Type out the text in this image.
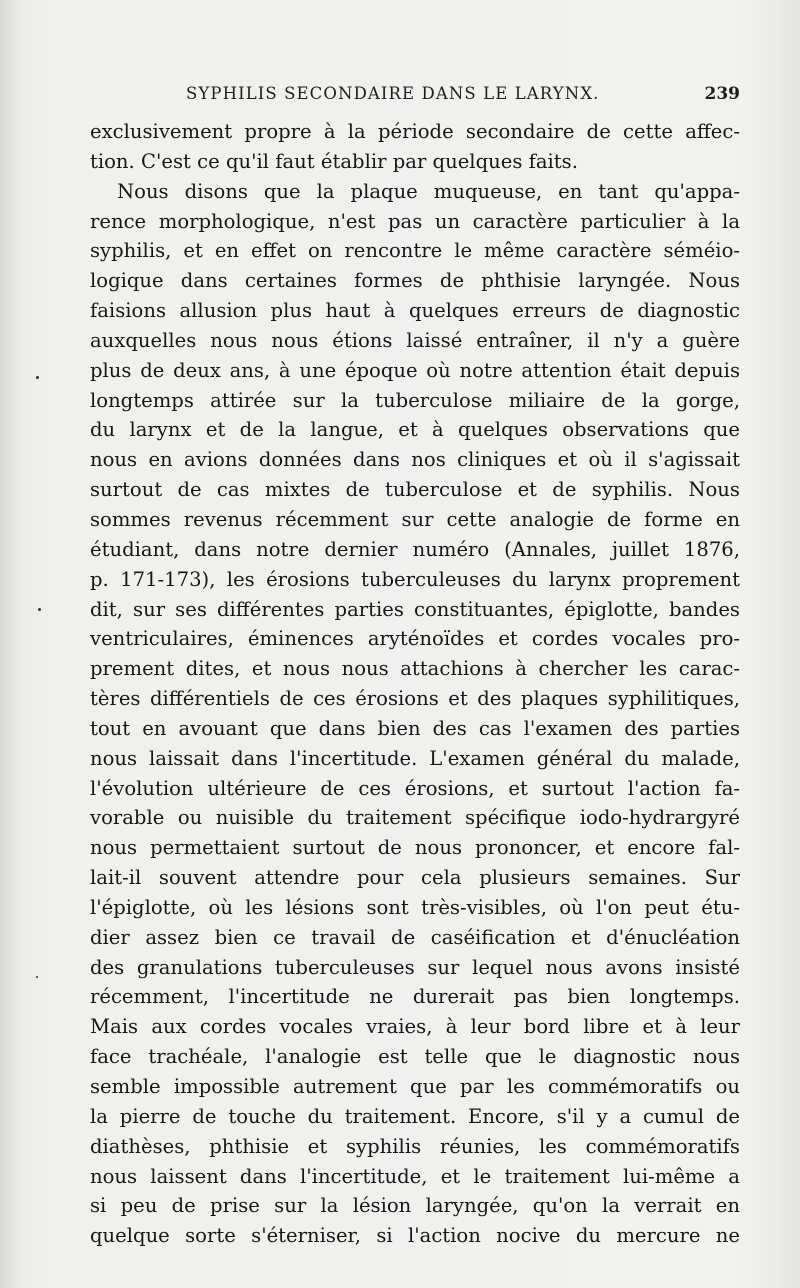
SYPHILIS SECONDAIRE DANS LE LARYNX.	239
exclusivement propre à la période secondaire de cette affec-
tion. C'est ce qu'il faut établir par quelques faits.
Nous disons que la plaque muqueuse, en tant qu'appa-
rence morphologique, n'est pas un caractère particulier à la
syphilis, et en effet on rencontre le même caractère séméio-
logique dans certaines formes de phthisie laryngée. Nous
faisions allusion plus haut à quelques erreurs de diagnostic
auxquelles nous nous étions laissé entraîner, il n'y a guère
plus de deux ans, à une époque où notre attention était depuis
longtemps attirée sur la tuberculose miliaire de la gorge,
du larynx et de la langue, et à quelques observations que
nous en avions données dans nos cliniques et où il s'agissait
surtout de cas mixtes de tuberculose et de syphilis. Nous
sommes revenus récemment sur cette analogie de forme en
étudiant, dans notre dernier numéro (Annales, juillet 1876,
p. 171-173), les érosions tuberculeuses du larynx proprement
dit, sur ses différentes parties constituantes, épiglotte, bandes
ventriculaires, éminences aryténoïdes et cordes vocales pro-
prement dites, et nous nous attachions à chercher les carac-
tères différentiels de ces érosions et des plaques syphilitiques,
tout en avouant que dans bien des cas l'examen des parties
nous laissait dans l'incertitude. L'examen général du malade,
l'évolution ultérieure de ces érosions, et surtout l'action fa-
vorable ou nuisible du traitement spécifique iodo-hydrargyré
nous permettaient surtout de nous prononcer, et encore fal-
lait-il souvent attendre pour cela plusieurs semaines. Sur
l'épiglotte, où les lésions sont très-visibles, où l'on peut étu-
dier assez bien ce travail de caséification et d'énucléation
des granulations tuberculeuses sur lequel nous avons insisté
récemment, l'incertitude ne durerait pas bien longtemps.
Mais aux cordes vocales vraies, à leur bord libre et à leur
face trachéale, l'analogie est telle que le diagnostic nous
semble impossible autrement que par les commémoratifs ou
la pierre de touche du traitement. Encore, s'il y a cumul de
diathèses, phthisie et syphilis réunies, les commémoratifs
nous laissent dans l'incertitude, et le traitement lui-même a
si peu de prise sur la lésion laryngée, qu'on la verrait en
quelque sorte s'éterniser, si l'action nocive du mercure ne
